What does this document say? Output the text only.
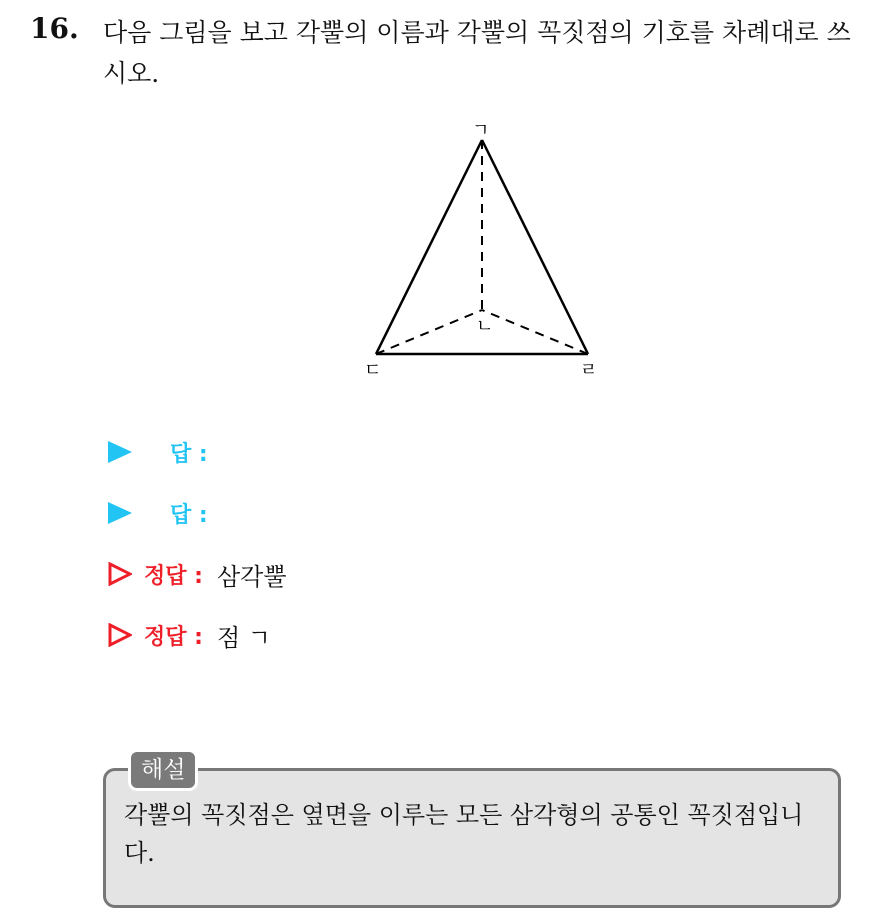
16. 다음 그림을 보고 각뿔의 이름과 각뿔의 꼭짓점의 기호를 차례대로 쓰시오.
ㄱ
ㄴ
ㄷ	ㄹ
답 :
답 :
정답 : 삼각뿔
정답 : 점 ㄱ
해설
각뿔의 꼭짓점은 옆면을 이루는 모든 삼각형의 공통인 꼭짓점입니다.
